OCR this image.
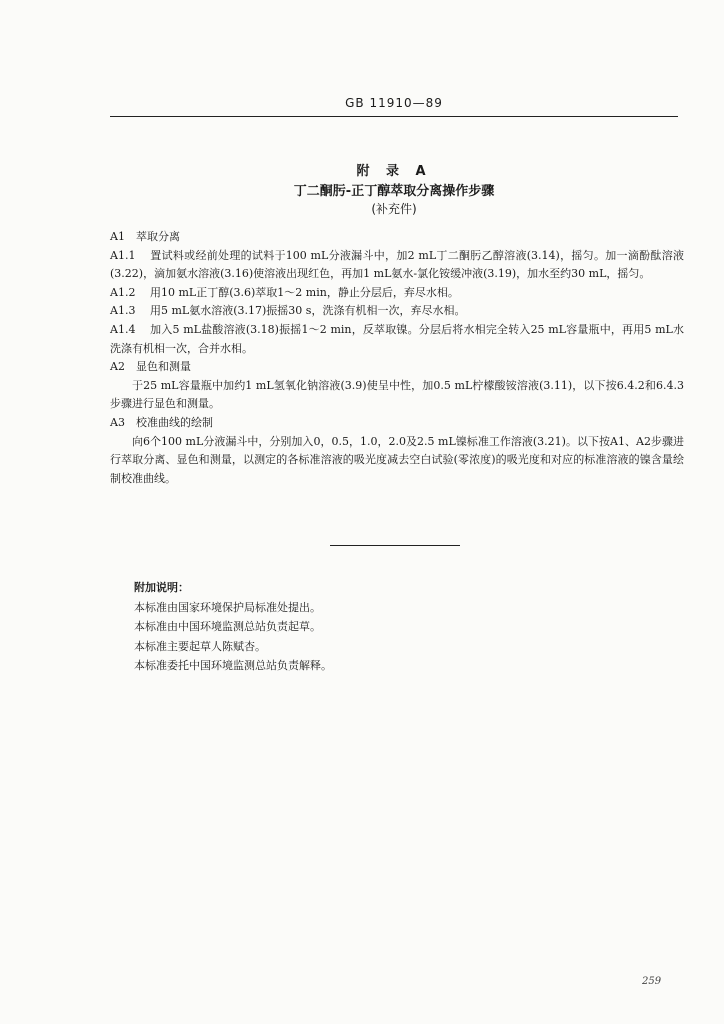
GB 11910—89
附 录 A
丁二酮肟-正丁醇萃取分离操作步骤
(补充件)

A1 萃取分离

A1.1 置试料或经前处理的试料于100 mL分液漏斗中，加2 mL丁二酮肟乙醇溶液(3.14)，摇匀。加一滴酚酞溶液(3.22)，滴加氨水溶液(3.16)使溶液出现红色，再加1 mL氨水-氯化铵缓冲液(3.19)，加水至约30 mL，摇匀。

A1.2 用10 mL正丁醇(3.6)萃取1～2 min，静止分层后，弃尽水相。

A1.3 用5 mL氨水溶液(3.17)振摇30 s，洗涤有机相一次，弃尽水相。

A1.4 加入5 mL盐酸溶液(3.18)振摇1～2 min，反萃取镍。分层后将水相完全转入25 mL容量瓶中，再用5 mL水洗涤有机相一次，合并水相。

A2 显色和测量

于25 mL容量瓶中加约1 mL氢氧化钠溶液(3.9)使呈中性，加0.5 mL柠檬酸铵溶液(3.11)，以下按6.4.2和6.4.3步骤进行显色和测量。

A3 校准曲线的绘制

向6个100 mL分液漏斗中，分别加入0，0.5，1.0，2.0及2.5 mL镍标准工作溶液(3.21)。以下按A1、A2步骤进行萃取分离、显色和测量，以测定的各标准溶液的吸光度减去空白试验(零浓度)的吸光度和对应的标准溶液的镍含量绘制校准曲线。

附加说明：

本标准由国家环境保护局标准处提出。

本标准由中国环境监测总站负责起草。

本标准主要起草人陈赋杏。

本标准委托中国环境监测总站负责解释。

259
